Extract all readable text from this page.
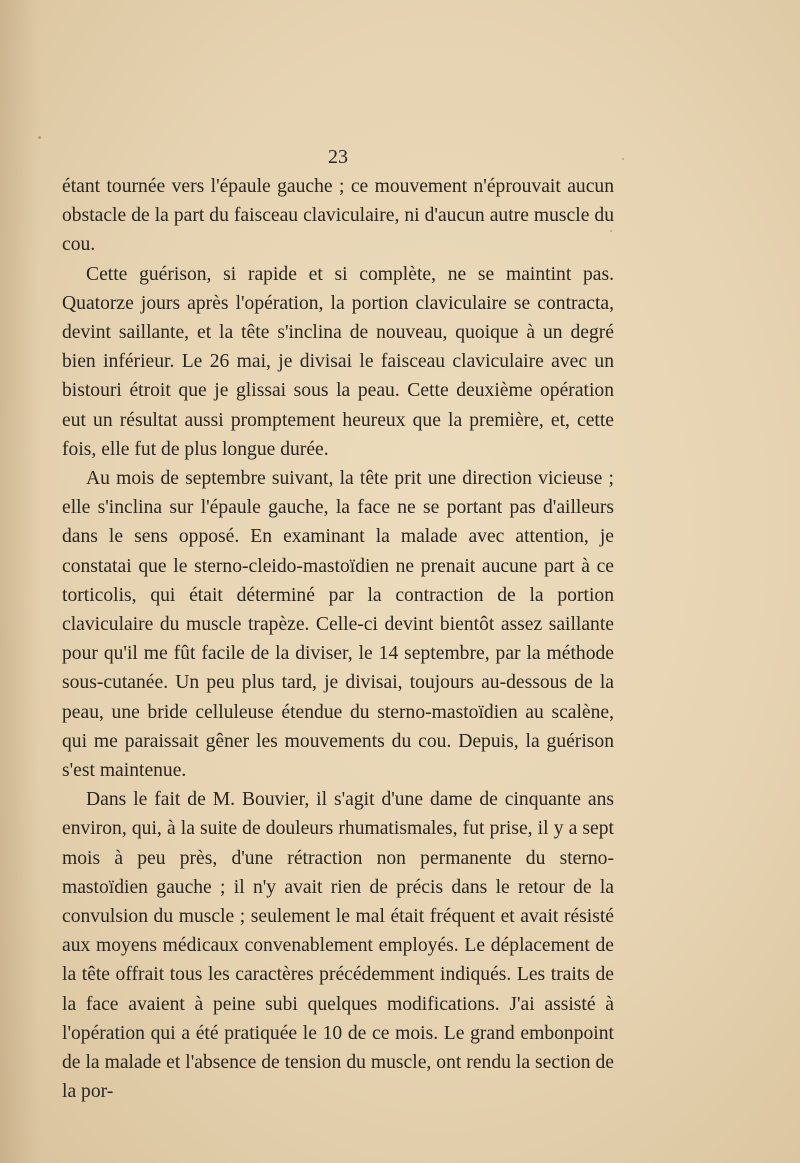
23

étant tournée vers l'épaule gauche ; ce mouvement n'éprouvait aucun obstacle de la part du faisceau claviculaire, ni d'aucun autre muscle du cou.

Cette guérison, si rapide et si complète, ne se maintint pas. Quatorze jours après l'opération, la portion claviculaire se contracta, devint saillante, et la tête s'inclina de nouveau, quoique à un degré bien inférieur. Le 26 mai, je divisai le faisceau claviculaire avec un bistouri étroit que je glissai sous la peau. Cette deuxième opération eut un résultat aussi promptement heureux que la première, et, cette fois, elle fut de plus longue durée.

Au mois de septembre suivant, la tête prit une direction vicieuse ; elle s'inclina sur l'épaule gauche, la face ne se portant pas d'ailleurs dans le sens opposé. En examinant la malade avec attention, je constatai que le sterno-cleido-mastoïdien ne prenait aucune part à ce torticolis, qui était déterminé par la contraction de la portion claviculaire du muscle trapèze. Celle-ci devint bientôt assez saillante pour qu'il me fût facile de la diviser, le 14 septembre, par la méthode sous-cutanée. Un peu plus tard, je divisai, toujours au-dessous de la peau, une bride celluleuse étendue du sterno-mastoïdien au scalène, qui me paraissait gêner les mouvements du cou. Depuis, la guérison s'est maintenue.

Dans le fait de M. Bouvier, il s'agit d'une dame de cinquante ans environ, qui, à la suite de douleurs rhumatismales, fut prise, il y a sept mois à peu près, d'une rétraction non permanente du sterno-mastoïdien gauche ; il n'y avait rien de précis dans le retour de la convulsion du muscle ; seulement le mal était fréquent et avait résisté aux moyens médicaux convenablement employés. Le déplacement de la tête offrait tous les caractères précédemment indiqués. Les traits de la face avaient à peine subi quelques modifications. J'ai assisté à l'opération qui a été pratiquée le 10 de ce mois. Le grand embonpoint de la malade et l'absence de tension du muscle, ont rendu la section de la por-
